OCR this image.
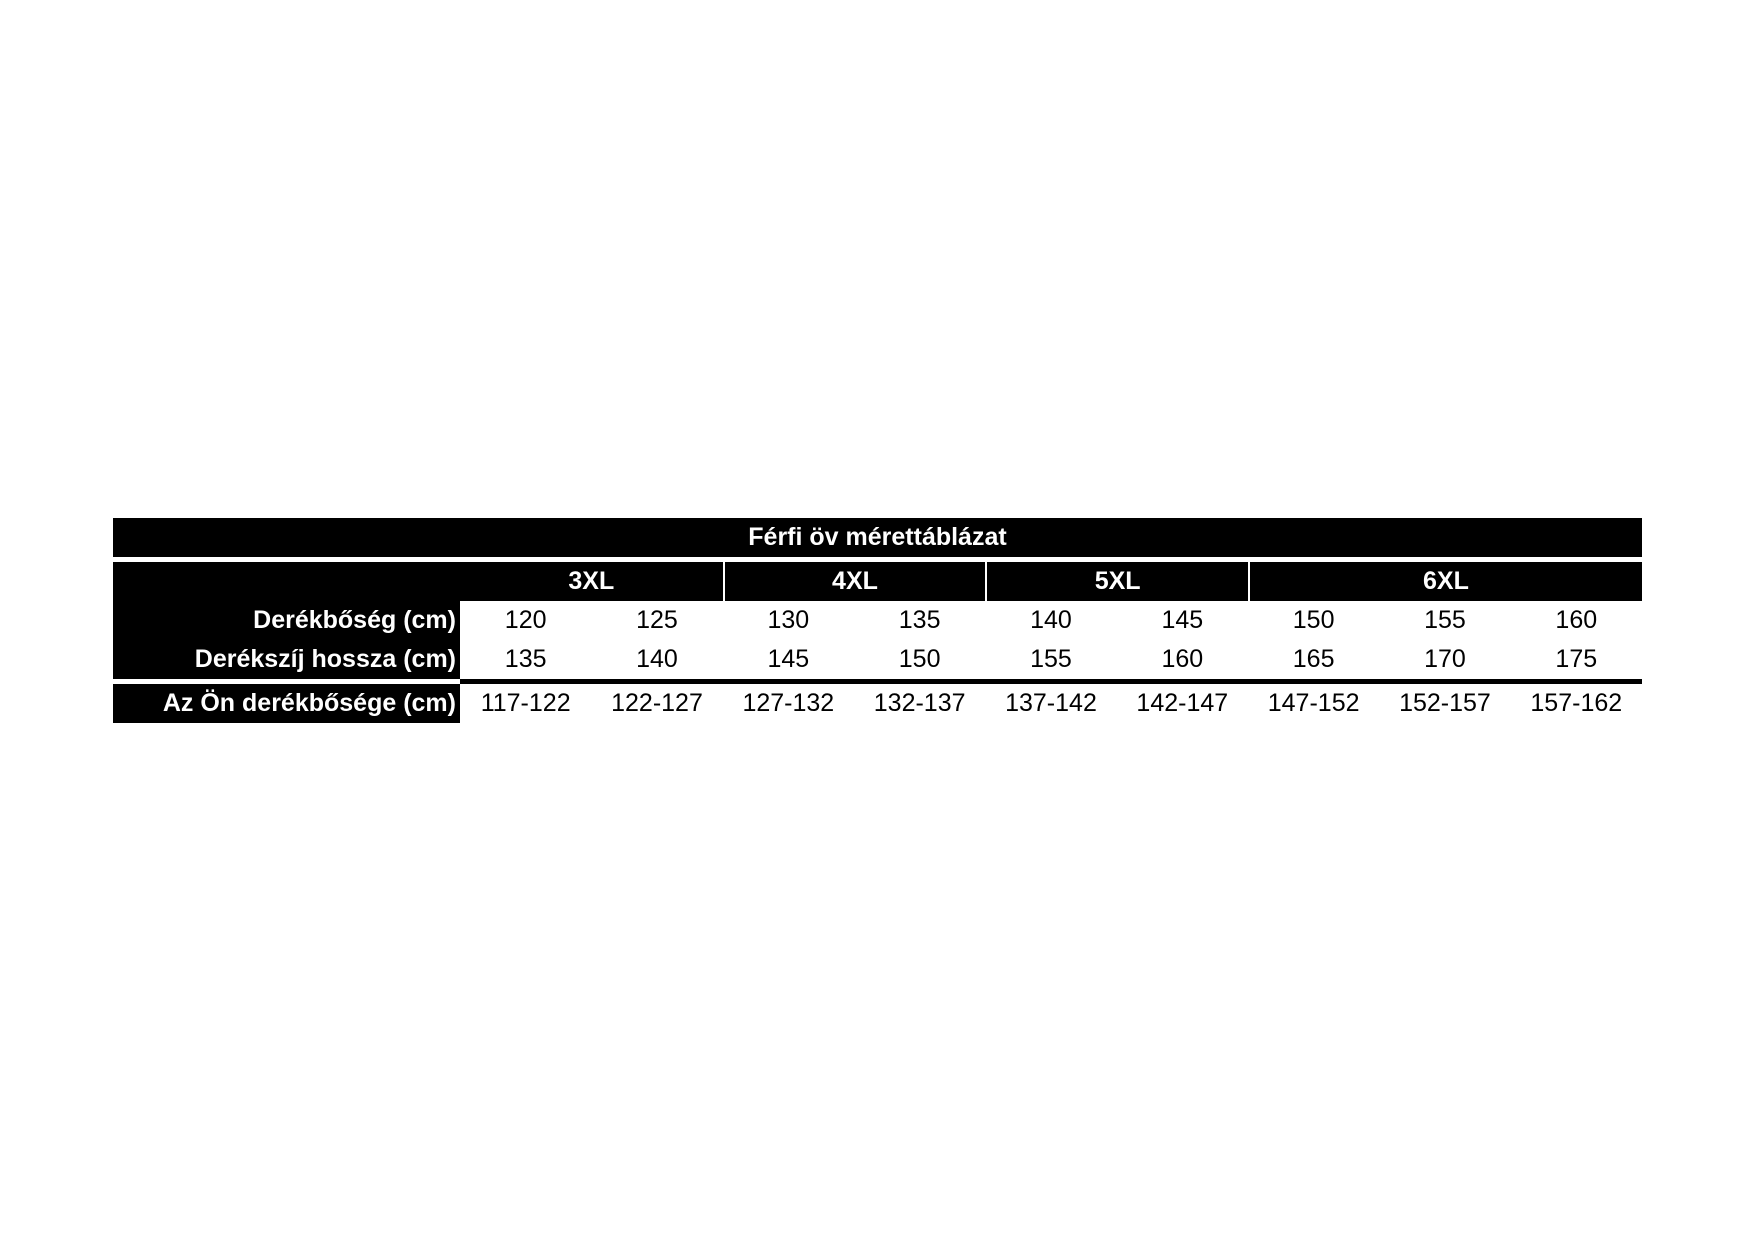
Férfi öv mérettáblázat
3XL	4XL	5XL	6XL
Derékbőség (cm)	120	125	130	135	140	145	150	155	160
Derékszíj hossza (cm)	135	140	145	150	155	160	165	170	175
Az Ön derékbősége (cm) 117-122	122-127	127-132	132-137	137-142	142-147	147-152	152-157	157-162
